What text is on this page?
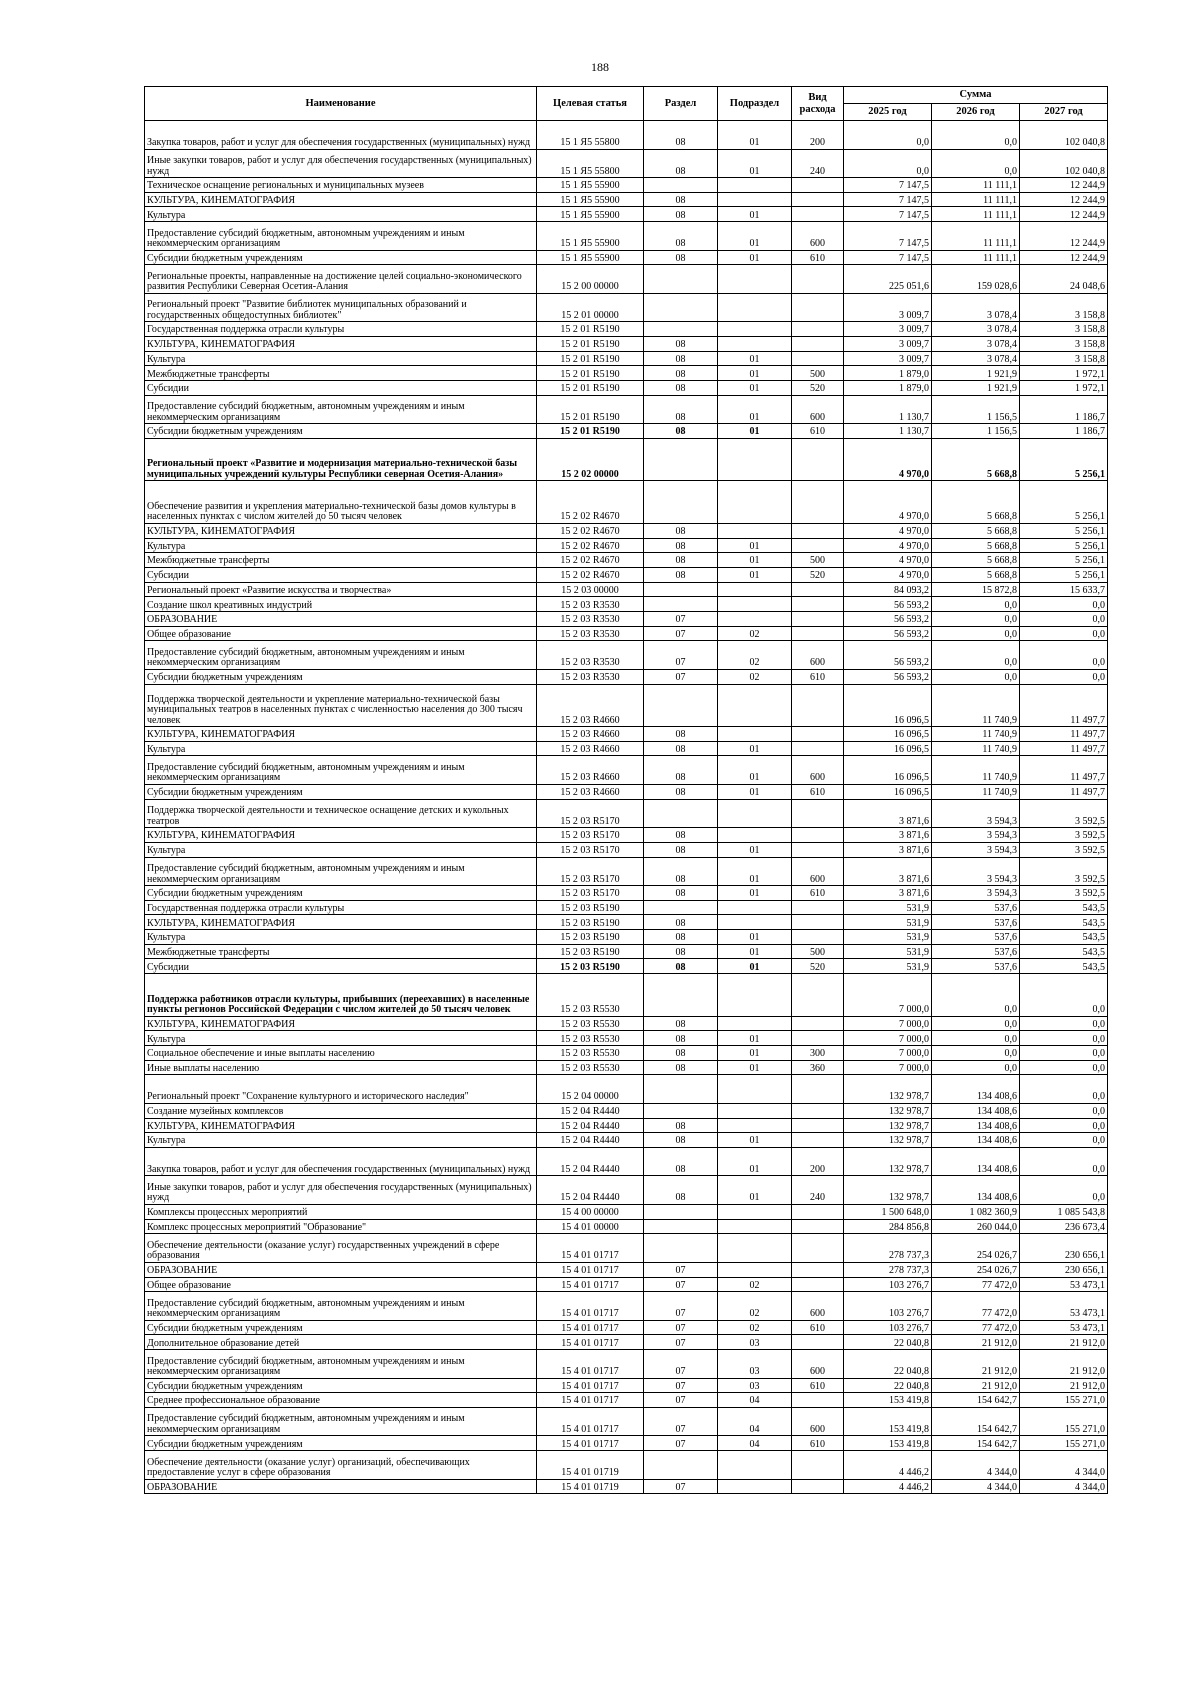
188
Наименование	Целевая статья	Раздел	Подраздел	Вид расхода	Сумма		
					2025 год	2026 год	2027 год
Закупка товаров, работ и услуг для обеспечения государственных (муниципальных) нужд	15 1 Я5 55800	08	01	200	0,0	0,0	102 040,8
Иные закупки товаров, работ и услуг для обеспечения государственных (муниципальных) нужд	15 1 Я5 55800	08	01	240	0,0	0,0	102 040,8
Техническое оснащение региональных и муниципальных музеев	15 1 Я5 55900				7 147,5	11 111,1	12 244,9
КУЛЬТУРА, КИНЕМАТОГРАФИЯ	15 1 Я5 55900	08			7 147,5	11 111,1	12 244,9
Культура	15 1 Я5 55900	08	01		7 147,5	11 111,1	12 244,9
Предоставление субсидий бюджетным, автономным учреждениям и иным некоммерческим организациям	15 1 Я5 55900	08	01	600	7 147,5	11 111,1	12 244,9
Субсидии бюджетным учреждениям	15 1 Я5 55900	08	01	610	7 147,5	11 111,1	12 244,9
Региональные проекты, направленные на достижение целей социально-экономического развития Республики Северная Осетия-Алания	15 2 00 00000				225 051,6	159 028,6	24 048,6
Региональный проект "Развитие библиотек муниципальных образований и государственных общедоступных библиотек"	15 2 01 00000				3 009,7	3 078,4	3 158,8
Государственная поддержка отрасли культуры	15 2 01 R5190				3 009,7	3 078,4	3 158,8
КУЛЬТУРА, КИНЕМАТОГРАФИЯ	15 2 01 R5190	08			3 009,7	3 078,4	3 158,8
Культура	15 2 01 R5190	08	01		3 009,7	3 078,4	3 158,8
Межбюджетные трансферты	15 2 01 R5190	08	01	500	1 879,0	1 921,9	1 972,1
Субсидии	15 2 01 R5190	08	01	520	1 879,0	1 921,9	1 972,1
Предоставление субсидий бюджетным, автономным учреждениям и иным некоммерческим организациям	15 2 01 R5190	08	01	600	1 130,7	1 156,5	1 186,7
Субсидии бюджетным учреждениям	15 2 01 R5190	08	01	610	1 130,7	1 156,5	1 186,7
Региональный проект «Развитие и модернизация материально-технической базы муниципальных учреждений культуры Республики северная Осетия-Алания»	15 2 02 00000				4 970,0	5 668,8	5 256,1
Обеспечение развития и укрепления материально-технической базы домов культуры в населенных пунктах с числом жителей до 50 тысяч человек	15 2 02 R4670				4 970,0	5 668,8	5 256,1
КУЛЬТУРА, КИНЕМАТОГРАФИЯ	15 2 02 R4670	08			4 970,0	5 668,8	5 256,1
Культура	15 2 02 R4670	08	01		4 970,0	5 668,8	5 256,1
Межбюджетные трансферты	15 2 02 R4670	08	01	500	4 970,0	5 668,8	5 256,1
Субсидии	15 2 02 R4670	08	01	520	4 970,0	5 668,8	5 256,1
Региональный проект «Развитие искусства и творчества»	15 2 03 00000				84 093,2	15 872,8	15 633,7
Создание школ креативных индустрий	15 2 03 R3530				56 593,2	0,0	0,0
ОБРАЗОВАНИЕ	15 2 03 R3530	07			56 593,2	0,0	0,0
Общее образование	15 2 03 R3530	07	02		56 593,2	0,0	0,0
Предоставление субсидий бюджетным, автономным учреждениям и иным некоммерческим организациям	15 2 03 R3530	07	02	600	56 593,2	0,0	0,0
Субсидии бюджетным учреждениям	15 2 03 R3530	07	02	610	56 593,2	0,0	0,0
Поддержка творческой деятельности и укрепление материально-технической базы муниципальных театров в населенных пунктах с численностью населения до 300 тысяч человек	15 2 03 R4660				16 096,5	11 740,9	11 497,7
КУЛЬТУРА, КИНЕМАТОГРАФИЯ	15 2 03 R4660	08			16 096,5	11 740,9	11 497,7
Культура	15 2 03 R4660	08	01		16 096,5	11 740,9	11 497,7
Предоставление субсидий бюджетным, автономным учреждениям и иным некоммерческим организациям	15 2 03 R4660	08	01	600	16 096,5	11 740,9	11 497,7
Субсидии бюджетным учреждениям	15 2 03 R4660	08	01	610	16 096,5	11 740,9	11 497,7
Поддержка творческой деятельности и техническое оснащение детских и кукольных театров	15 2 03 R5170				3 871,6	3 594,3	3 592,5
КУЛЬТУРА, КИНЕМАТОГРАФИЯ	15 2 03 R5170	08			3 871,6	3 594,3	3 592,5
Культура	15 2 03 R5170	08	01		3 871,6	3 594,3	3 592,5
Предоставление субсидий бюджетным, автономным учреждениям и иным некоммерческим организациям	15 2 03 R5170	08	01	600	3 871,6	3 594,3	3 592,5
Субсидии бюджетным учреждениям	15 2 03 R5170	08	01	610	3 871,6	3 594,3	3 592,5
Государственная поддержка отрасли культуры	15 2 03 R5190				531,9	537,6	543,5
КУЛЬТУРА, КИНЕМАТОГРАФИЯ	15 2 03 R5190	08			531,9	537,6	543,5
Культура	15 2 03 R5190	08	01		531,9	537,6	543,5
Межбюджетные трансферты	15 2 03 R5190	08	01	500	531,9	537,6	543,5
Субсидии	15 2 03 R5190	08	01	520	531,9	537,6	543,5
Поддержка работников отрасли культуры, прибывших (переехавших) в населенные пункты регионов Российской Федерации с числом жителей до 50 тысяч человек	15 2 03 R5530				7 000,0	0,0	0,0
КУЛЬТУРА, КИНЕМАТОГРАФИЯ	15 2 03 R5530	08			7 000,0	0,0	0,0
Культура	15 2 03 R5530	08	01		7 000,0	0,0	0,0
Социальное обеспечение и иные выплаты населению	15 2 03 R5530	08	01	300	7 000,0	0,0	0,0
Иные выплаты населению	15 2 03 R5530	08	01	360	7 000,0	0,0	0,0
Региональный проект "Сохранение культурного и исторического наследия"	15 2 04 00000				132 978,7	134 408,6	0,0
Создание музейных комплексов	15 2 04 R4440				132 978,7	134 408,6	0,0
КУЛЬТУРА, КИНЕМАТОГРАФИЯ	15 2 04 R4440	08			132 978,7	134 408,6	0,0
Культура	15 2 04 R4440	08	01		132 978,7	134 408,6	0,0
Закупка товаров, работ и услуг для обеспечения государственных (муниципальных) нужд	15 2 04 R4440	08	01	200	132 978,7	134 408,6	0,0
Иные закупки товаров, работ и услуг для обеспечения государственных (муниципальных) нужд	15 2 04 R4440	08	01	240	132 978,7	134 408,6	0,0
Комплексы процессных мероприятий	15 4 00 00000				1 500 648,0	1 082 360,9	1 085 543,8
Комплекс процессных мероприятий "Образование"	15 4 01 00000				284 856,8	260 044,0	236 673,4
Обеспечение деятельности (оказание услуг) государственных учреждений в сфере образования	15 4 01 01717				278 737,3	254 026,7	230 656,1
ОБРАЗОВАНИЕ	15 4 01 01717	07			278 737,3	254 026,7	230 656,1
Общее образование	15 4 01 01717	07	02		103 276,7	77 472,0	53 473,1
Предоставление субсидий бюджетным, автономным учреждениям и иным некоммерческим организациям	15 4 01 01717	07	02	600	103 276,7	77 472,0	53 473,1
Субсидии бюджетным учреждениям	15 4 01 01717	07	02	610	103 276,7	77 472,0	53 473,1
Дополнительное образование детей	15 4 01 01717	07	03		22 040,8	21 912,0	21 912,0
Предоставление субсидий бюджетным, автономным учреждениям и иным некоммерческим организациям	15 4 01 01717	07	03	600	22 040,8	21 912,0	21 912,0
Субсидии бюджетным учреждениям	15 4 01 01717	07	03	610	22 040,8	21 912,0	21 912,0
Среднее профессиональное образование	15 4 01 01717	07	04		153 419,8	154 642,7	155 271,0
Предоставление субсидий бюджетным, автономным учреждениям и иным некоммерческим организациям	15 4 01 01717	07	04	600	153 419,8	154 642,7	155 271,0
Субсидии бюджетным учреждениям	15 4 01 01717	07	04	610	153 419,8	154 642,7	155 271,0
Обеспечение деятельности (оказание услуг) организаций, обеспечивающих предоставление услуг в сфере образования	15 4 01 01719				4 446,2	4 344,0	4 344,0
ОБРАЗОВАНИЕ	15 4 01 01719	07			4 446,2	4 344,0	4 344,0
